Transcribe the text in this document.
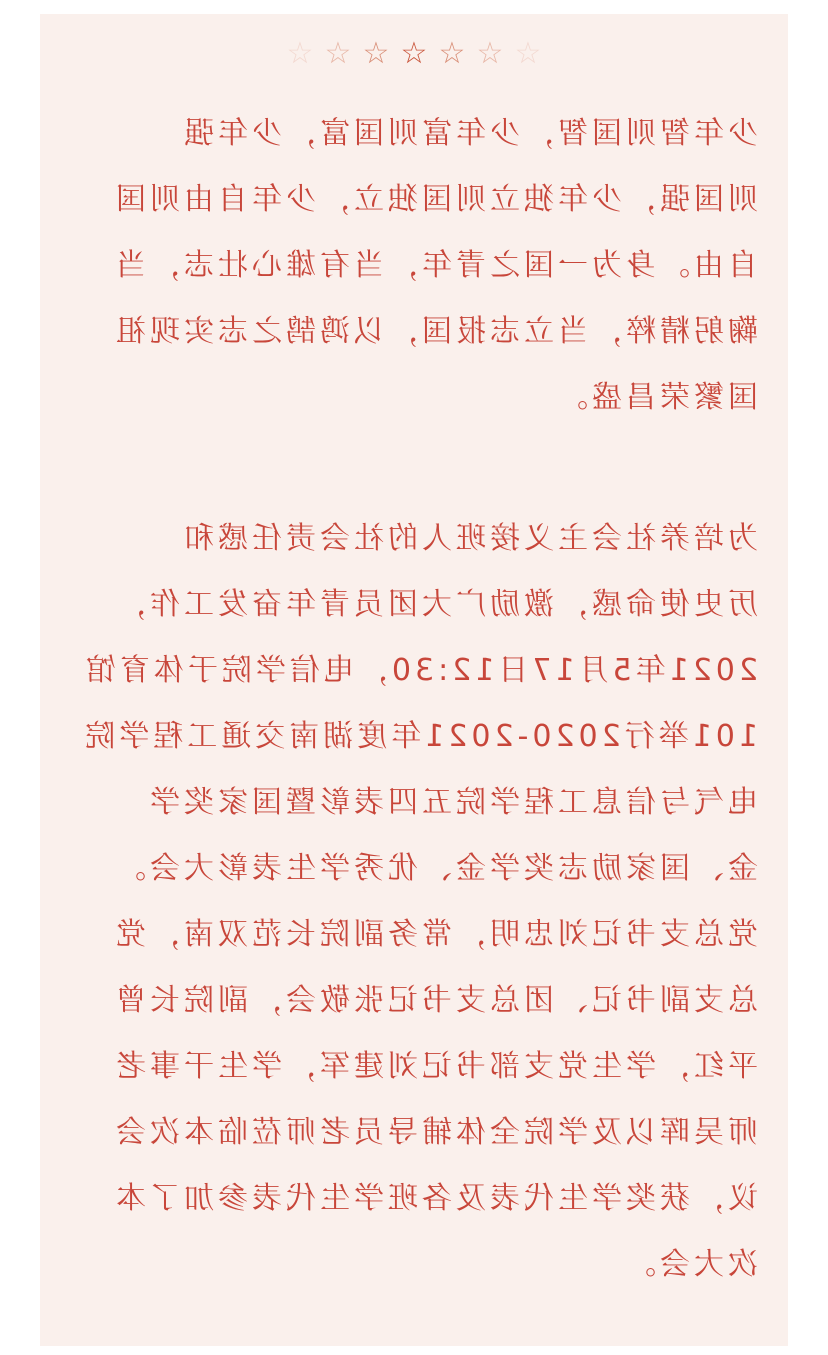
☆ ☆ ☆ ☆ ☆ ☆ ☆
少年智则国智，少年富则国富，少年强
则国强，少年独立则国独立，少年自由则国
自由。身为一国之青年，当有雄心壮志，当
鞠躬精粹，当立志报国，以鸿鹄之志实现祖
国繁荣昌盛。
为培养社会主义接班人的社会责任感和
历史使命感，激励广大团员青年奋发工作，
2021年5月17日12:30，电信学院于体育馆
101举行2020-2021年度湖南交通工程学院
电气与信息工程学院五四表彰暨国家奖学
金、国家励志奖学金、优秀学生表彰大会。
党总支书记刘忠明，常务副院长范双南，党
总支副书记、团总支书记张敬会，副院长曾
平红，学生党支部书记刘建军，学生干事老
师吴晖以及学院全体辅导员老师莅临本次会
议，获奖学生代表及各班学生代表参加了本
次大会。
